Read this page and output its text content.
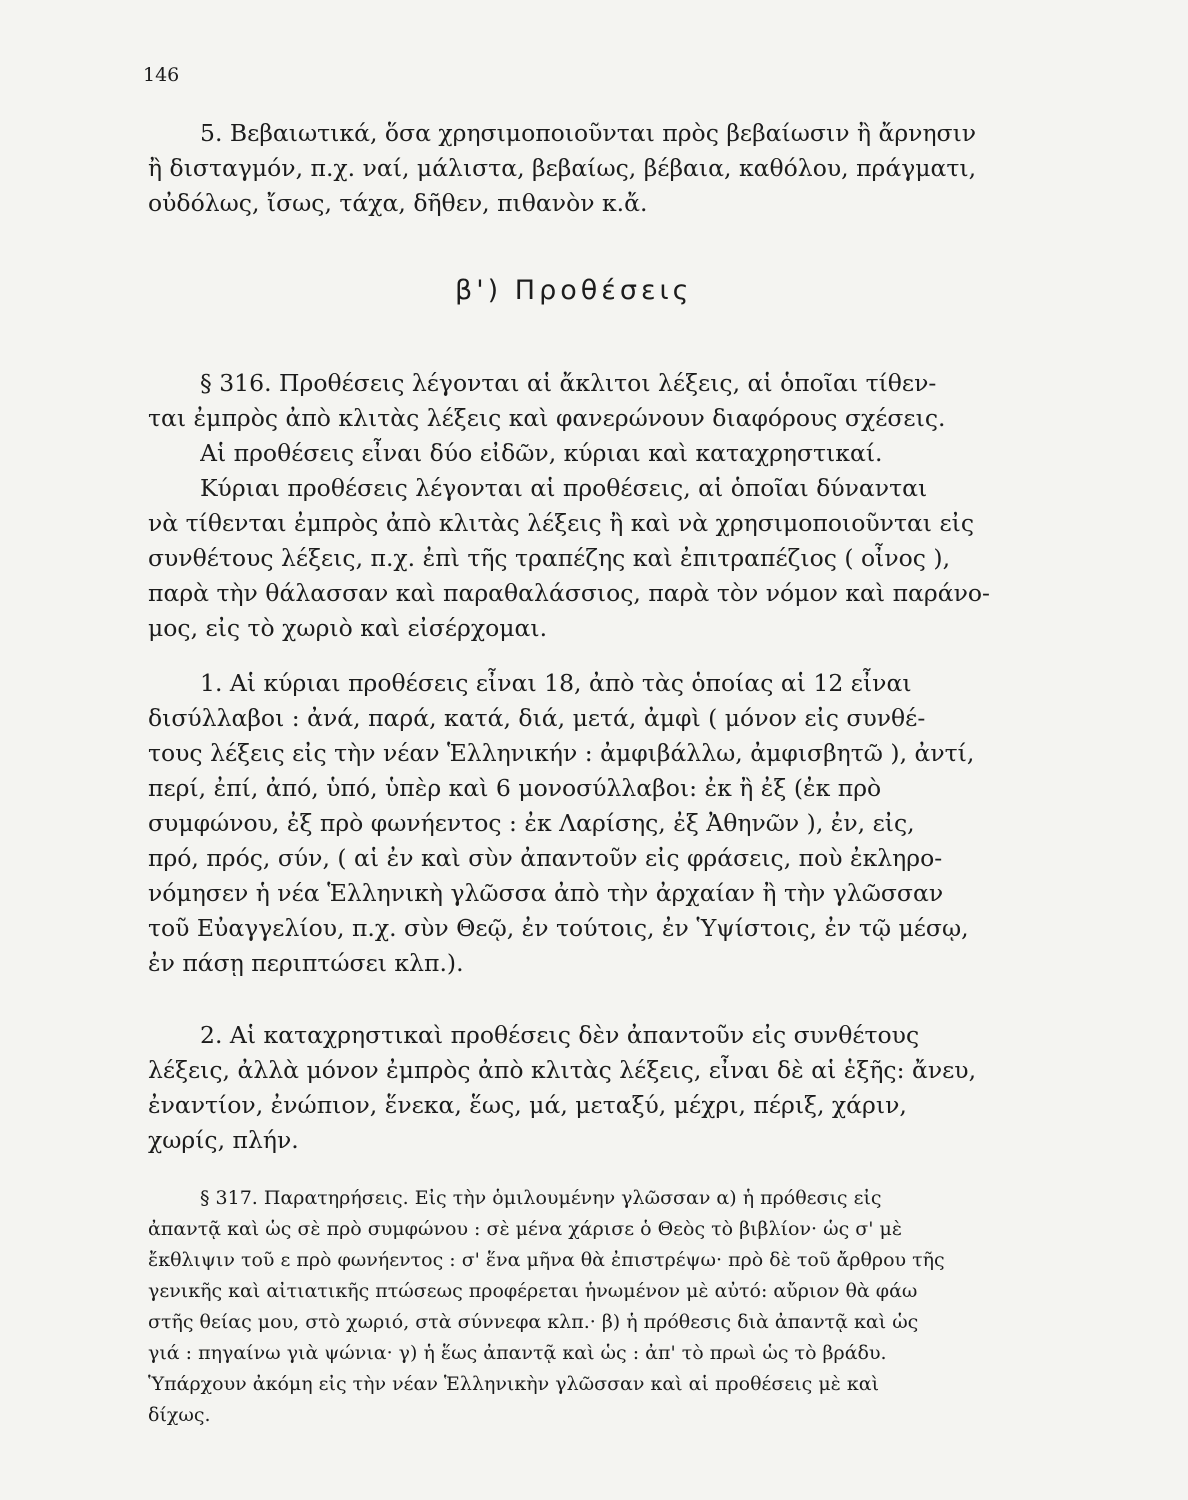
146
5. Βεβαιωτικά, ὅσα χρησιμοποιοῦνται πρὸς βεβαίωσιν ἢ ἄρνησιν
ἢ δισταγμόν, π.χ. ναί, μάλιστα, βεβαίως, βέβαια, καθόλου, πράγματι,
οὐδόλως, ἴσως, τάχα, δῆθεν, πιθανὸν κ.ἄ.
β') Προθέσεις
§ 316. Προθέσεις λέγονται αἱ ἄκλιτοι λέξεις, αἱ ὁποῖαι τίθεν-
ται ἐμπρὸς ἀπὸ κλιτὰς λέξεις καὶ φανερώνουν διαφόρους σχέσεις.
Αἱ προθέσεις εἶναι δύο εἰδῶν, κύριαι καὶ καταχρηστικαί.
Κύριαι προθέσεις λέγονται αἱ προθέσεις, αἱ ὁποῖαι δύνανται
νὰ τίθενται ἐμπρὸς ἀπὸ κλιτὰς λέξεις ἢ καὶ νὰ χρησιμοποιοῦνται εἰς
συνθέτους λέξεις, π.χ. ἐπὶ τῆς τραπέζης καὶ ἐπιτραπέζιος ( οἶνος ),
παρὰ τὴν θάλασσαν καὶ παραθαλάσσιος, παρὰ τὸν νόμον καὶ παράνο-
μος, εἰς τὸ χωριὸ καὶ εἰσέρχομαι.
1. Αἱ κύριαι προθέσεις εἶναι 18, ἀπὸ τὰς ὁποίας αἱ 12 εἶναι
δισύλλαβοι : ἀνά, παρά, κατά, διά, μετά, ἀμφὶ ( μόνον εἰς συνθέ-
τους λέξεις εἰς τὴν νέαν Ἑλληνικήν : ἀμφιβάλλω, ἀμφισβητῶ ), ἀντί,
περί, ἐπί, ἀπό, ὑπό, ὑπὲρ καὶ 6 μονοσύλλαβοι: ἐκ ἢ ἐξ (ἐκ πρὸ
συμφώνου, ἐξ πρὸ φωνήεντος : ἐκ Λαρίσης, ἐξ Ἀθηνῶν ), ἐν, εἰς,
πρό, πρός, σύν, ( αἱ ἐν καὶ σὺν ἀπαντοῦν εἰς φράσεις, ποὺ ἐκληρο-
νόμησεν ἡ νέα Ἑλληνικὴ γλῶσσα ἀπὸ τὴν ἀρχαίαν ἢ τὴν γλῶσσαν
τοῦ Εὐαγγελίου, π.χ. σὺν Θεῷ, ἐν τούτοις, ἐν Ὑψίστοις, ἐν τῷ μέσῳ,
ἐν πάσῃ περιπτώσει κλπ.).
2. Αἱ καταχρηστικαὶ προθέσεις δὲν ἀπαντοῦν εἰς συνθέτους
λέξεις, ἀλλὰ μόνον ἐμπρὸς ἀπὸ κλιτὰς λέξεις, εἶναι δὲ αἱ ἑξῆς: ἄνευ,
ἐναντίον, ἐνώπιον, ἕνεκα, ἕως, μά, μεταξύ, μέχρι, πέριξ, χάριν,
χωρίς, πλήν.
§ 317. Παρατηρήσεις. Εἰς τὴν ὁμιλουμένην γλῶσσαν α) ἡ πρόθεσις εἰς
ἀπαντᾷ καὶ ὡς σὲ πρὸ συμφώνου : σὲ μένα χάρισε ὁ Θεὸς τὸ βιβλίον· ὡς σ' μὲ
ἔκθλιψιν τοῦ ε πρὸ φωνήεντος : σ' ἕνα μῆνα θὰ ἐπιστρέψω· πρὸ δὲ τοῦ ἄρθρου τῆς
γενικῆς καὶ αἰτιατικῆς πτώσεως προφέρεται ἡνωμένον μὲ αὐτό: αὔριον θὰ φάω
στῆς θείας μου, στὸ χωριό, στὰ σύννεφα κλπ.· β) ἡ πρόθεσις διὰ ἀπαντᾷ καὶ ὡς
γιά : πηγαίνω γιὰ ψώνια· γ) ἡ ἕως ἀπαντᾷ καὶ ὡς : ἀπ' τὸ πρωὶ ὡς τὸ βράδυ.
Ὑπάρχουν ἀκόμη εἰς τὴν νέαν Ἑλληνικὴν γλῶσσαν καὶ αἱ προθέσεις μὲ καὶ
δίχως.
